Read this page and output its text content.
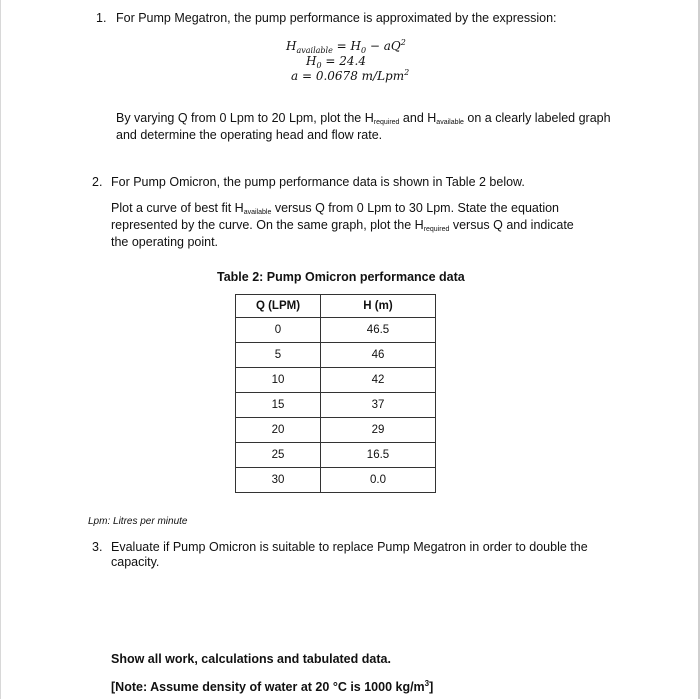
1. For Pump Megatron, the pump performance is approximated by the expression:
$H_{available} = H_0 - aQ^2$
$H_0 = 24.4$
a = 0.0678 m/Lpm$^2$
By varying Q from 0 Lpm to 20 Lpm, plot the Hrequired and Havailable on a clearly labeled graph
and determine the operating head and flow rate.
2. For Pump Omicron, the pump performance data is shown in Table 2 below.
Plot a curve of best fit Havailable versus Q from 0 Lpm to 30 Lpm. State the equation
represented by the curve. On the same graph, plot the Hrequired versus Q and indicate
the operating point.
Table 2: Pump Omicron performance data
Q (LPM)	H (m)
0	46.5
5	46
10	42
15	37
20	29
25	16.5
30	0.0
Lpm: Litres per minute
3. Evaluate if Pump Omicron is suitable to replace Pump Megatron in order to double the
capacity.
Show all work, calculations and tabulated data.
[Note: Assume density of water at 20 °C is 1000 $kg/m^3$]
